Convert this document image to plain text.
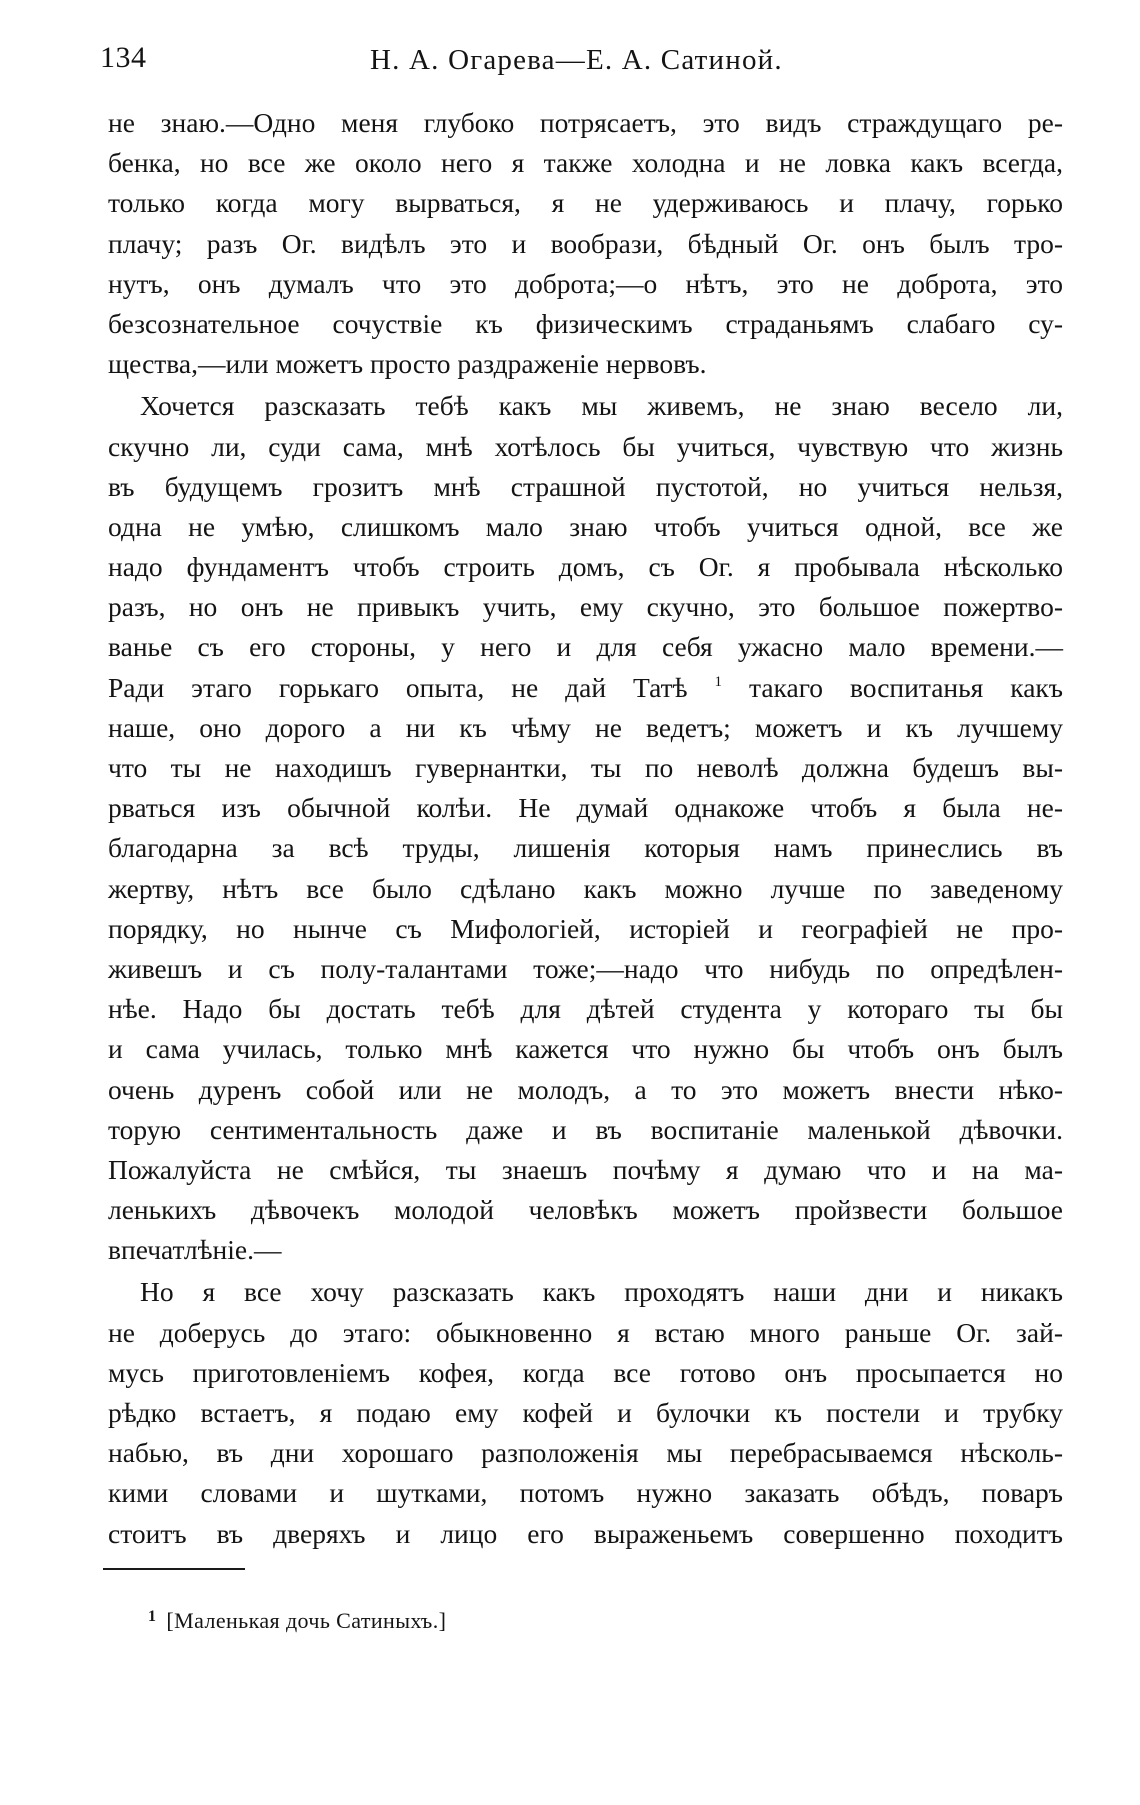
134	Н. А. Огарева—Е. А. Сатиной.
не знаю.—Одно меня глубоко потрясаетъ, это видъ страждущаго ре-
бенка, но все же около него я также холодна и не ловка какъ всегда,
только когда могу вырваться, я не удерживаюсь и плачу, горько
плачу; разъ Ог. видѣлъ это и вообрази, бѣдный Ог. онъ былъ тро-
нутъ, онъ думалъ что это доброта;—о нѣтъ, это не доброта, это
безсознательное сочуствіе къ физическимъ страданьямъ слабаго су-
щества,—или можетъ просто раздраженіе нервовъ.
Хочется разсказать тебѣ какъ мы живемъ, не знаю весело ли,
скучно ли, суди сама, мнѣ хотѣлось бы учиться, чувствую что жизнь
въ будущемъ грозитъ мнѣ страшной пустотой, но учиться нельзя,
одна не умѣю, слишкомъ мало знаю чтобъ учиться одной, все же
надо фундаментъ чтобъ строить домъ, съ Ог. я пробывала нѣсколько
разъ, но онъ не привыкъ учить, ему скучно, это большое пожертво-
ванье съ его стороны, у него и для себя ужасно мало времени.—
Ради этаго горькаго опыта, не дай Татѣ $^1$ такаго воспитанья какъ
наше, оно дорого а ни къ чѣму не ведетъ; можетъ и къ лучшему
что ты не находишъ гувернантки, ты по неволѣ должна будешъ вы-
рваться изъ обычной колѣи. Не думай однакоже чтобъ я была не-
благодарна за всѣ труды, лишенія которыя намъ принеслись въ
жертву, нѣтъ все было сдѣлано какъ можно лучше по заведеному
порядку, но нынче съ Мифологіей, исторіей и географіей не про-
живешъ и съ полу-талантами тоже;—надо что нибудь по опредѣлен-
нѣе. Надо бы достать тебѣ для дѣтей студента у котораго ты бы
и сама училась, только мнѣ кажется что нужно бы чтобъ онъ былъ
очень дуренъ собой или не молодъ, а то это можетъ внести нѣко-
торую сентиментальность даже и въ воспитаніе маленькой дѣвочки.
Пожалуйста не смѣйся, ты знаешъ почѣму я думаю что и на ма-
ленькихъ дѣвочекъ молодой человѣкъ можетъ пройзвести большое
впечатлѣніе.—
Но я все хочу разсказать какъ проходятъ наши дни и никакъ
не доберусь до этаго: обыкновенно я встаю много раньше Ог. зай-
мусь приготовленіемъ кофея, когда все готово онъ просыпается но
рѣдко встаетъ, я подаю ему кофей и булочки къ постели и трубку
набью, въ дни хорошаго разположенія мы перебрасываемся нѣсколь-
кими словами и шутками, потомъ нужно заказать обѣдъ, поваръ
стоитъ въ дверяхъ и лицо его выраженьемъ совершенно походитъ
$^1$ [Маленькая дочь Сатиныхъ.]
